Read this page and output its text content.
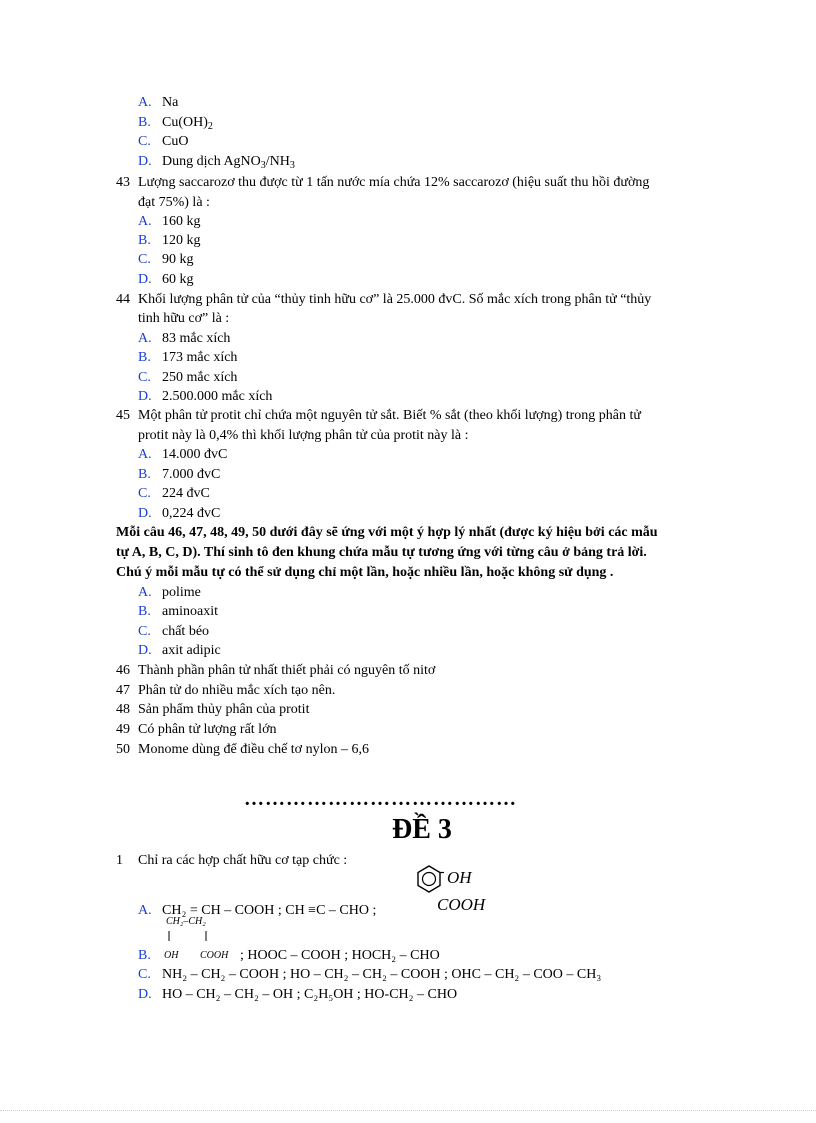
A. Na
B. $Cu(OH)_2$
C. CuO
D. Dung dịch $AgNO_3/NH_3$
43 Lượng saccarozơ thu được từ 1 tấn nước mía chứa 12% saccarozơ (hiệu suất thu hồi đường
đạt 75%) là :
A. 160 kg
B. 120 kg
C. 90 kg
D. 60 kg
44 Khối lượng phân tử của “thủy tinh hữu cơ” là 25.000 đvC. Số mắc xích trong phân tử “thủy
tinh hữu cơ” là :
A. 83 mắc xích
B. 173 mắc xích
C. 250 mắc xích
D. 2.500.000 mắc xích
45 Một phân tử protit chỉ chứa một nguyên tử sắt. Biết % sắt (theo khối lượng) trong phân tử
protit này là 0,4% thì khối lượng phân tử của protit này là :
A. 14.000 đvC
B. 7.000 đvC
C. 224 đvC
D. 0,224 đvC
Mỗi câu 46, 47, 48, 49, 50 dưới đây sẽ ứng với một ý hợp lý nhất (được ký hiệu bởi các mẫu
tự A, B, C, D). Thí sinh tô đen khung chứa mẫu tự tương ứng với từng câu ở bảng trả lời.
Chú ý mỗi mẫu tự có thể sử dụng chỉ một lần, hoặc nhiều lần, hoặc không sử dụng .
A. polime
B. aminoaxit
C. chất béo
D. axit adipic
46 Thành phần phân tử nhất thiết phải có nguyên tố nitơ
47 Phân tử do nhiều mắc xích tạo nên.
48 Sản phẩm thủy phân của protit
49 Có phân tử lượng rất lớn
50 Monome dùng để điều chế tơ nylon – 6,6
…………………………………
ĐỀ 3
1 Chỉ ra các hợp chất hữu cơ tạp chức :
OH
COOH
A. CH₂ = CH – COOH ; CH ≡C – CHO ;
CH₂–CH₂
B. OH COOH ; HOOC – COOH ; HOCH₂ – CHO
C. NH₂ – CH₂ – COOH ; HO – CH₂ – CH₂ – COOH ; OHC – CH₂ – COO – CH₃
D. HO – CH₂ – CH₂ – OH ; C₂H₅OH ; HO-CH₂ – CHO
